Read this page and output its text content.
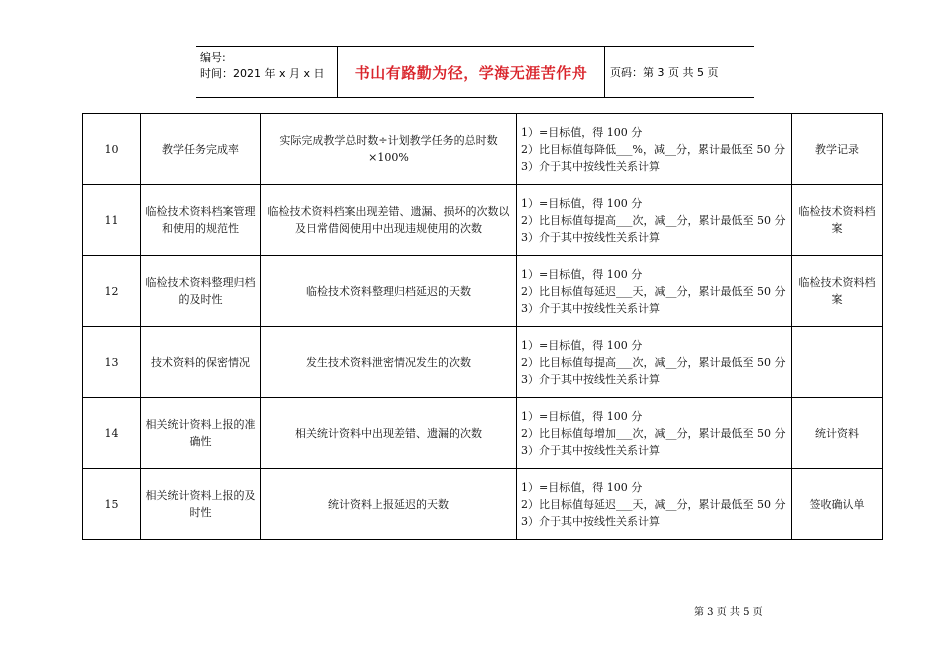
编号:
时间：2021 年 x 月 x 日	书山有路勤为径，学海无涯苦作舟	页码：第 3 页 共 5 页
10	教学任务完成率	实际完成教学总时数÷计划教学任务的总时数×100%	1）=目标值，得 100 分
2）比目标值每降低___%，减__分，累计最低至 50 分
3）介于其中按线性关系计算	教学记录
11	临检技术资料档案管理和使用的规范性	临检技术资料档案出现差错、遗漏、损坏的次数以及日常借阅使用中出现违规使用的次数	1）=目标值，得 100 分
2）比目标值每提高___次，减__分，累计最低至 50 分
3）介于其中按线性关系计算	临检技术资料档案
12	临检技术资料整理归档的及时性	临检技术资料整理归档延迟的天数	1）=目标值，得 100 分
2）比目标值每延迟___天，减__分，累计最低至 50 分
3）介于其中按线性关系计算	临检技术资料档案
13	技术资料的保密情况	发生技术资料泄密情况发生的次数	1）=目标值，得 100 分
2）比目标值每提高___次，减__分，累计最低至 50 分
3）介于其中按线性关系计算	

14	相关统计资料上报的准确性	相关统计资料中出现差错、遗漏的次数	1）=目标值，得 100 分
2）比目标值每增加___次，减__分，累计最低至 50 分
3）介于其中按线性关系计算	统计资料
15	相关统计资料上报的及时性	统计资料上报延迟的天数	1）=目标值，得 100 分
2）比目标值每延迟___天，减__分，累计最低至 50 分
3）介于其中按线性关系计算	签收确认单
第 3 页 共 5 页
